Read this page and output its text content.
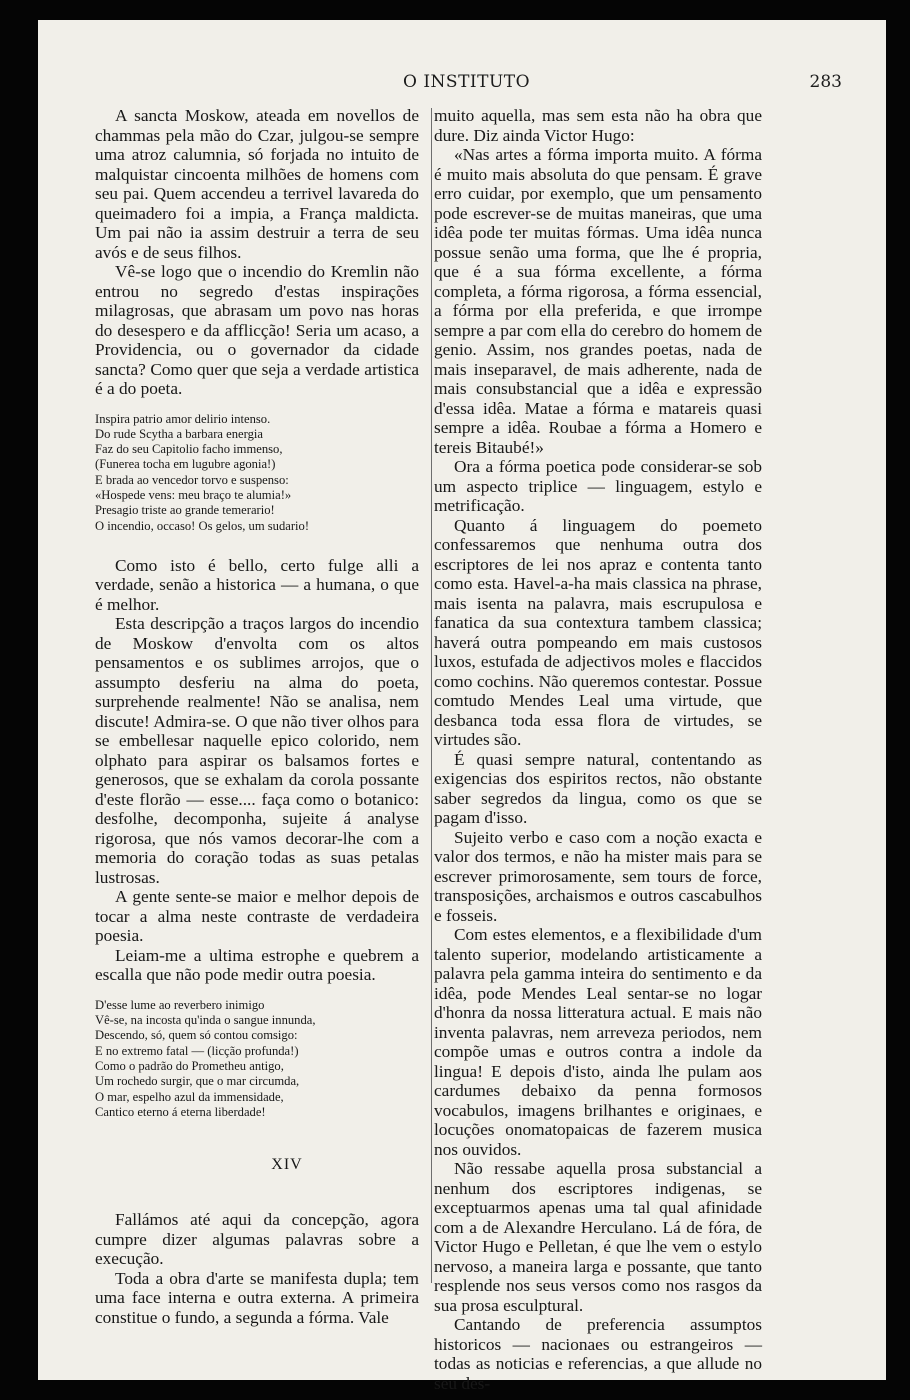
O INSTITUTO	283

A sancta Moskow, ateada em novellos de chammas pela mão do Czar, julgou-se sempre uma atroz calumnia, só forjada no intuito de malquistar cincoenta milhões de homens com seu pai. Quem accendeu a terrivel lavareda do queimadero foi a impia, a França maldicta. Um pai não ia assim destruir a terra de seu avós e de seus filhos.

Vê-se logo que o incendio do Kremlin não entrou no segredo d'estas inspirações milagrosas, que abrasam um povo nas horas do desespero e da afflicção! Seria um acaso, a Providencia, ou o governador da cidade sancta? Como quer que seja a verdade artistica é a do poeta.

Inspira patrio amor delirio intenso.
Do rude Scytha a barbara energia
Faz do seu Capitolio facho immenso,
(Funerea tocha em lugubre agonia!)
E brada ao vencedor torvo e suspenso:
«Hospede vens: meu braço te alumia!»
Presagio triste ao grande temerario!
O incendio, occaso! Os gelos, um sudario!

Como isto é bello, certo fulge alli a verdade, senão a historica — a humana, o que é melhor.

Esta descripção a traços largos do incendio de Moskow d'envolta com os altos pensamentos e os sublimes arrojos, que o assumpto desferiu na alma do poeta, surprehende realmente! Não se analisa, nem discute! Admira-se. O que não tiver olhos para se embellesar naquelle epico colorido, nem olphato para aspirar os balsamos fortes e generosos, que se exhalam da corola possante d'este florão — esse.... faça como o botanico: desfolhe, decomponha, sujeite á analyse rigorosa, que nós vamos decorar-lhe com a memoria do coração todas as suas petalas lustrosas.

A gente sente-se maior e melhor depois de tocar a alma neste contraste de verdadeira poesia.

Leiam-me a ultima estrophe e quebrem a escalla que não pode medir outra poesia.

D'esse lume ao reverbero inimigo
Vê-se, na incosta qu'inda o sangue innunda,
Descendo, só, quem só contou comsigo:
E no extremo fatal — (licção profunda!)
Como o padrão do Prometheu antigo,
Um rochedo surgir, que o mar circumda,
O mar, espelho azul da immensidade,
Cantico eterno á eterna liberdade!

XIV

Fallámos até aqui da concepção, agora cumpre dizer algumas palavras sobre a execução.

Toda a obra d'arte se manifesta dupla; tem uma face interna e outra externa. A primeira constitue o fundo, a segunda a fórma. Vale

muito aquella, mas sem esta não ha obra que dure. Diz ainda Victor Hugo:

«Nas artes a fórma importa muito. A fórma é muito mais absoluta do que pensam. É grave erro cuidar, por exemplo, que um pensamento pode escrever-se de muitas maneiras, que uma idêa pode ter muitas fórmas. Uma idêa nunca possue senão uma forma, que lhe é propria, que é a sua fórma excellente, a fórma completa, a fórma rigorosa, a fórma essencial, a fórma por ella preferida, e que irrompe sempre a par com ella do cerebro do homem de genio. Assim, nos grandes poetas, nada de mais inseparavel, de mais adherente, nada de mais consubstancial que a idêa e expressão d'essa idêa. Matae a fórma e matareis quasi sempre a idêa. Roubae a fórma a Homero e tereis Bitaubé!»

Ora a fórma poetica pode considerar-se sob um aspecto triplice — linguagem, estylo e metrificação.

Quanto á linguagem do poemeto confessaremos que nenhuma outra dos escriptores de lei nos apraz e contenta tanto como esta. Havel-a-ha mais classica na phrase, mais isenta na palavra, mais escrupulosa e fanatica da sua contextura tambem classica; haverá outra pompeando em mais custosos luxos, estufada de adjectivos moles e flaccidos como cochins. Não queremos contestar. Possue comtudo Mendes Leal uma virtude, que desbanca toda essa flora de virtudes, se virtudes são.

É quasi sempre natural, contentando as exigencias dos espiritos rectos, não obstante saber segredos da lingua, como os que se pagam d'isso.

Sujeito verbo e caso com a noção exacta e valor dos termos, e não ha mister mais para se escrever primorosamente, sem tours de force, transposições, archaismos e outros cascabulhos e fosseis.

Com estes elementos, e a flexibilidade d'um talento superior, modelando artisticamente a palavra pela gamma inteira do sentimento e da idêa, pode Mendes Leal sentar-se no logar d'honra da nossa litteratura actual. E mais não inventa palavras, nem arreveza periodos, nem compõe umas e outros contra a indole da lingua! E depois d'isto, ainda lhe pulam aos cardumes debaixo da penna formosos vocabulos, imagens brilhantes e originaes, e locuções onomatopaicas de fazerem musica nos ouvidos.

Não ressabe aquella prosa substancial a nenhum dos escriptores indigenas, se exceptuarmos apenas uma tal qual afinidade com a de Alexandre Herculano. Lá de fóra, de Victor Hugo e Pelletan, é que lhe vem o estylo nervoso, a maneira larga e possante, que tanto resplende nos seus versos como nos rasgos da sua prosa esculptural.

Cantando de preferencia assumptos historicos — nacionaes ou estrangeiros — todas as noticias e referencias, a que allude no seu des-
